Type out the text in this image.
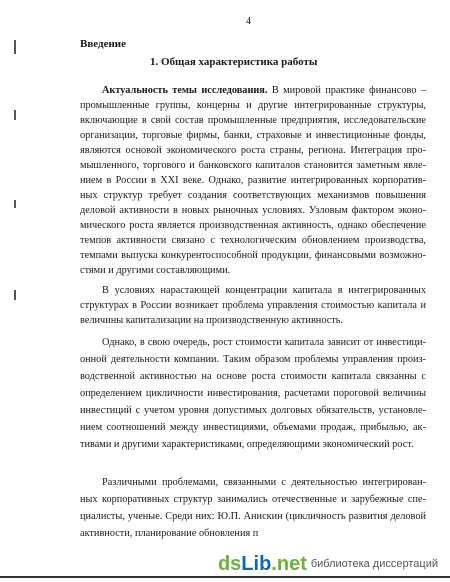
4
Введение
1. Общая характеристика работы
Актуальность темы исследования. В мировой практике финансово –
промышленные группы, концерны и другие интегрированные структуры,
включающие в свой состав промышленные предприятия, исследовательские
организации, торговые фирмы, банки, страховые и инвестиционные фонды,
являются основой экономического роста страны, региона. Интеграция про-
мышленного, торгового и банковского капиталов становится заметным явле-
нием в России в XXI веке. Однако, развитие интегрированных корпоратив-
ных структур требует создания соответствующих механизмов повышения
деловой активности в новых рыночных условиях. Узловым фактором эконо-
мического роста является производственная активность, однако обеспечение
темпов активности связано с технологическим обновлением производства,
темпами выпуска конкурентоспособной продукции, финансовыми возможно-
стями и другими составляющими.
В условиях нарастающей концентрации капитала в интегрированных
структурах в России возникает проблема управления стоимостью капитала и
величины капитализации на производственную активность.
Однако, в свою очередь, рост стоимости капитала зависит от инвестици-
онной деятельности компании. Таким образом проблемы управления произ-
водственной активностью на основе роста стоимости капитала связанны с
определением цикличности инвестирования, расчетами пороговой величины
инвестиций с учетом уровня допустимых долговых обязательств, установле-
нием соотношений между инвестициями, объемами продаж, прибылью, ак-
тивами и другими характеристиками, определяющими экономический рост.
Различными проблемами, связанными с деятельностью интегрирован-
ных корпоративных структур занимались отечественные и зарубежные спе-
циалисты, ученые. Среди них: Ю.П. Анискин (цикличность развития деловой
активности, планирование обновления п
dsLib.net библиотека диссертаций
